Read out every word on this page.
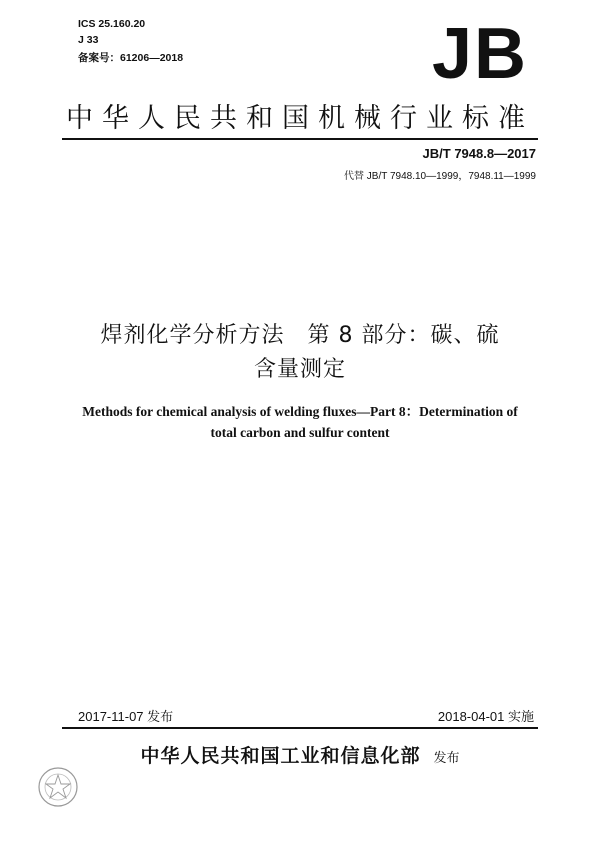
ICS 25.160.20
J 33
备案号：61206—2018	JB
中华人民共和国机械行业标准
JB/T 7948.8—2017
代替 JB/T 7948.10—1999，7948.11—1999
焊剂化学分析方法　第 8 部分：碳、硫
含量测定
Methods for chemical analysis of welding fluxes—Part 8：Determination of
total carbon and sulfur content
2017-11-07 发布	2018-04-01 实施
中华人民共和国工业和信息化部 发布
